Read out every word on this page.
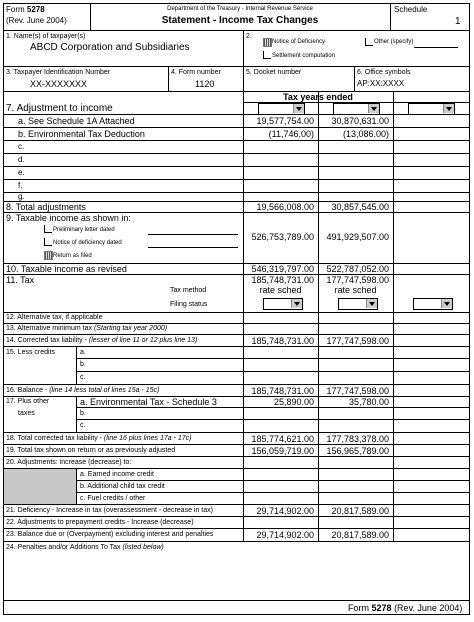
Form 5278
(Rev. June 2004)
Department of the Treasury - Internal Revenue Service
Statement - Income Tax Changes
Schedule
1
1. Name(s) of taxpayer(s)
ABCD Corporation and Subsidiaries
2.
Notice of Deficiency	Other (specify)
Settlement computation
3. Taxpayer Identification Number
XX-XXXXXXX
4. Form number
1120
5. Docket number	6. Office symbols
AP:XX:XXXX
Tax years ended
7. Adjustment to income
a. See Schedule 1A Attached	19,577,754.00	30,870,631.00
b. Environmental Tax Deduction	(11,746.00)	(13,086.00)
c.
d.
e.
f.
g.
8. Total adjustments	19,566,008.00	30,857,545.00
9. Taxable income as shown in:
Preliminary letter dated
Notice of deficiency dated
Return as filed
526,753,789.00	491,929,507.00
10. Taxable income as revised	546,319,797.00	522,787,052.00
11. Tax	185,748,731.00	177,747,598.00
Tax method	rate sched	rate sched
Filing status
12. Alternative tax, if applicable
13. Alternative minimum tax (Starting tax year 2000)
14. Corrected tax liability - (lesser of line 11 or 12 plus line 13)	185,748,731.00	177,747,598.00
15. Less credits	a.
b.
c.
16. Balance - (line 14 less total of lines 15a - 15c)	185,748,731.00	177,747,598.00
17. Plus other
taxes
a. Environmental Tax - Schedule 3	25,890.00	35,780.00
b.
c.
18. Total corrected tax liability - (line 16 plus lines 17a - 17c)	185,774,621.00	177,783,378.00
19. Total tax shown on return or as previously adjusted	156,059,719.00	156,965,789.00
20. Adjustments: increase (decrease) to:
a. Earned income credit
b. Additional child tax credit
c. Fuel credits / other
21. Deficiency - Increase in tax (overassessment - decrease in tax)	29,714,902.00	20,817,589.00
22. Adjustments to prepayment credits - Increase (decrease)
23. Balance due or (Overpayment) excluding interest and penalties	29,714,902.00	20,817,589.00
24. Penalties and/or Additions To Tax (listed below)
Form 5278 (Rev. June 2004)
